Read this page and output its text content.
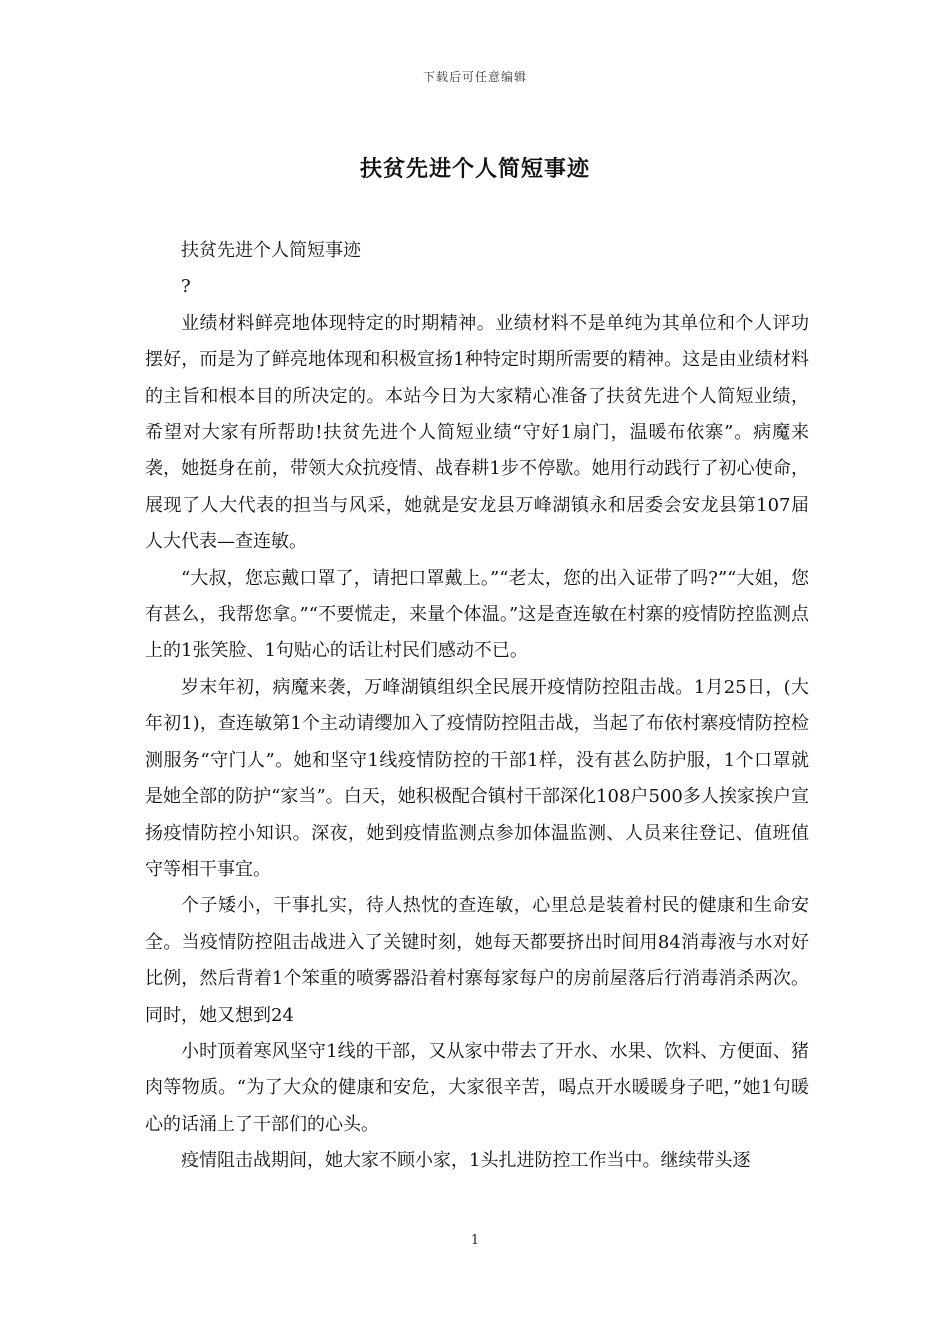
下载后可任意编辑
扶贫先进个人简短事迹

扶贫先进个人简短事迹

?

业绩材料鲜亮地体现特定的时期精神。业绩材料不是单纯为其单位和个人评功摆好，而是为了鲜亮地体现和积极宣扬1种特定时期所需要的精神。这是由业绩材料的主旨和根本目的所决定的。本站今日为大家精心准备了扶贫先进个人简短业绩，希望对大家有所帮助!扶贫先进个人简短业绩“守好1扇门，温暖布依寨”。病魔来袭，她挺身在前，带领大众抗疫情、战春耕1步不停歇。她用行动践行了初心使命，展现了人大代表的担当与风采，她就是安龙县万峰湖镇永和居委会安龙县第107届人大代表—查连敏。

“大叔，您忘戴口罩了，请把口罩戴上。”“老太，您的出入证带了吗?”“大姐，您有甚么，我帮您拿。”“不要慌走，来量个体温。”这是查连敏在村寨的疫情防控监测点上的1张笑脸、1句贴心的话让村民们感动不已。

岁末年初，病魔来袭，万峰湖镇组织全民展开疫情防控阻击战。1月25日，(大年初1)，查连敏第1个主动请缨加入了疫情防控阻击战，当起了布依村寨疫情防控检测服务“守门人”。她和坚守1线疫情防控的干部1样，没有甚么防护服，1个口罩就是她全部的防护“家当”。白天，她积极配合镇村干部深化108户500多人挨家挨户宣扬疫情防控小知识。深夜，她到疫情监测点参加体温监测、人员来往登记、值班值守等相干事宜。

个子矮小，干事扎实，待人热忱的查连敏，心里总是装着村民的健康和生命安全。当疫情防控阻击战进入了关键时刻，她每天都要挤出时间用84消毒液与水对好比例，然后背着1个笨重的喷雾器沿着村寨每家每户的房前屋落后行消毒消杀两次。同时，她又想到24

小时顶着寒风坚守1线的干部，又从家中带去了开水、水果、饮料、方便面、猪肉等物质。“为了大众的健康和安危，大家很辛苦，喝点开水暖暖身子吧，”她1句暖心的话涌上了干部们的心头。

疫情阻击战期间，她大家不顾小家，1头扎进防控工作当中。继续带头逐

1
